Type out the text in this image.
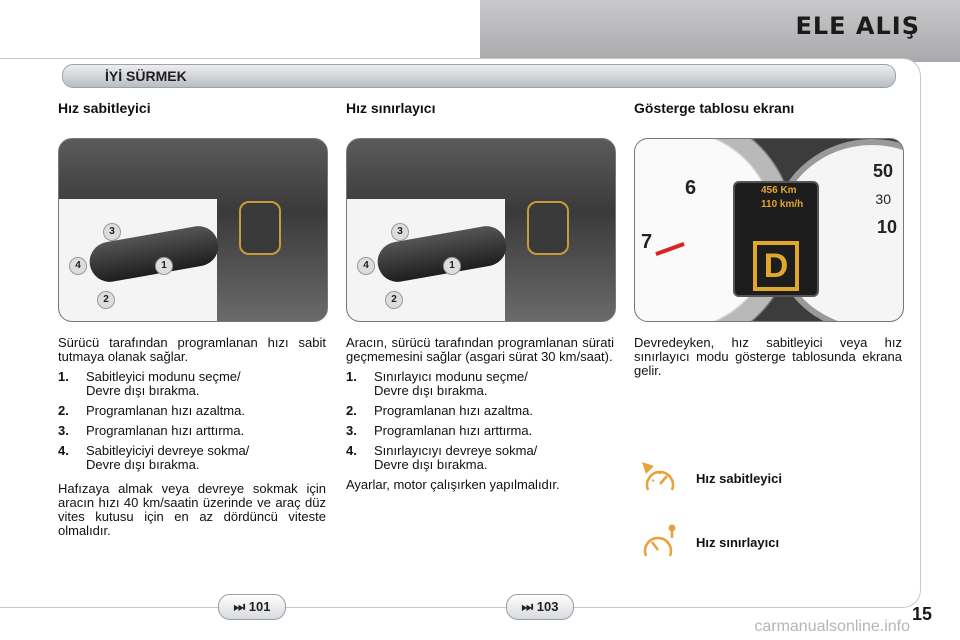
ELE ALIŞ
İYİ SÜRMEK
Hız sabitleyici
3
4	1
2

Sürücü tarafından programlanan hızı sabit tutmaya olanak sağlar.

1.	Sabitleyici modunu seçme/
Devre dışı bırakma.
2.	Programlanan hızı azaltma.
3.	Programlanan hızı arttırma.
4.	Sabitleyiciyi devreye sokma/
Devre dışı bırakma.

Hafızaya almak veya devreye sokmak için aracın hızı 40 km/saatin üzerinde ve araç düz vites kutusu için en az dördüncü viteste olmalıdır.

Hız sınırlayıcı
3
4	1
2

Aracın, sürücü tarafından programlanan sürati geçmemesini sağlar (asgari sürat 30 km/saat).

1.	Sınırlayıcı modunu seçme/
Devre dışı bırakma.
2.	Programlanan hızı azaltma.
3.	Programlanan hızı arttırma.
4.	Sınırlayıcıyı devreye sokma/
Devre dışı bırakma.

Ayarlar, motor çalışırken yapılmalıdır.

Gösterge tablosu ekranı
6
7
50
30
10
456 Km
110 km/h
D

Devredeyken, hız sabitleyici veya hız sınırlayıcı modu gösterge tablosunda ekrana gelir.

Hız sabitleyici
Hız sınırlayıcı
⏭ 101	⏭ 103	15
carmanualsonline.info
